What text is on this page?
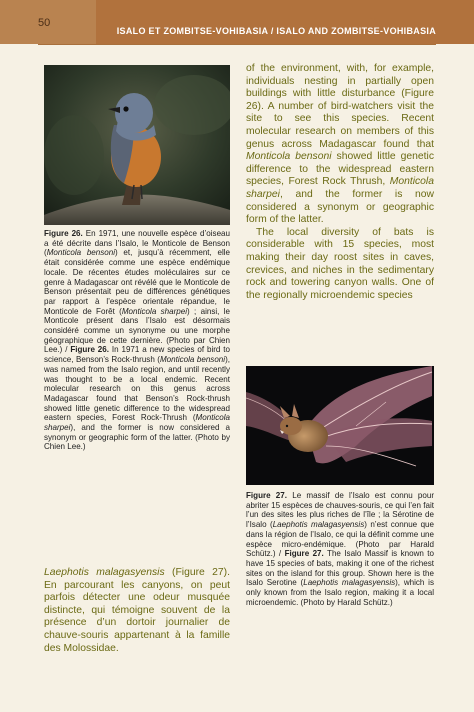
50
ISALO ET ZOMBITSE-VOHIBASIA / ISALO AND ZOMBITSE-VOHIBASIA

Figure 26. En 1971, une nouvelle espèce d’oiseau a été décrite dans l’Isalo, le Monticole de Benson (Monticola bensoni) et, jusqu’à récemment, elle était considérée comme une espèce endémique locale. De récentes études moléculaires sur ce genre à Madagascar ont révélé que le Monticole de Benson présentait peu de différences génétiques par rapport à l’espèce orientale répandue, le Monticole de Forêt (Monticola sharpei) ; ainsi, le Monticole présent dans l’Isalo est désormais considéré comme un synonyme ou une morphe géographique de cette dernière. (Photo par Chien Lee.) / Figure 26. In 1971 a new species of bird to science, Benson’s Rock-thrush (Monticola bensoni), was named from the Isalo region, and until recently was thought to be a local endemic. Recent molecular research on this genus across Madagascar found that Benson’s Rock-thrush showed little genetic difference to the widespread eastern species, Forest Rock-Thrush (Monticola sharpei), and the former is now considered a synonym or geographic form of the latter. (Photo by Chien Lee.)

Laephotis malagasyensis (Figure 27). En parcourant les canyons, on peut parfois détecter une odeur musquée distincte, qui témoigne souvent de la présence d’un dortoir journalier de chauve-souris appartenant à la famille des Molossidae.

of the environment, with, for example, individuals nesting in partially open buildings with little disturbance (Figure 26). A number of bird-watchers visit the site to see this species. Recent molecular research on members of this genus across Madagascar found that Monticola bensoni showed little genetic difference to the widespread eastern species, Forest Rock Thrush, Monticola sharpei, and the former is now considered a synonym or geographic form of the latter.

The local diversity of bats is considerable with 15 species, most making their day roost sites in caves, crevices, and niches in the sedimentary rock and towering canyon walls. One of the regionally microendemic species

Figure 27. Le massif de l’Isalo est connu pour abriter 15 espèces de chauves-souris, ce qui l’en fait l’un des sites les plus riches de l’île ; la Sérotine de l’Isalo (Laephotis malagasyensis) n’est connue que dans la région de l’Isalo, ce qui la définit comme une espèce micro-endémique. (Photo par Harald Schütz.) / Figure 27. The Isalo Massif is known to have 15 species of bats, making it one of the richest sites on the island for this group. Shown here is the Isalo Serotine (Laephotis malagasyensis), which is only known from the Isalo region, making it a local microendemic. (Photo by Harald Schütz.)
